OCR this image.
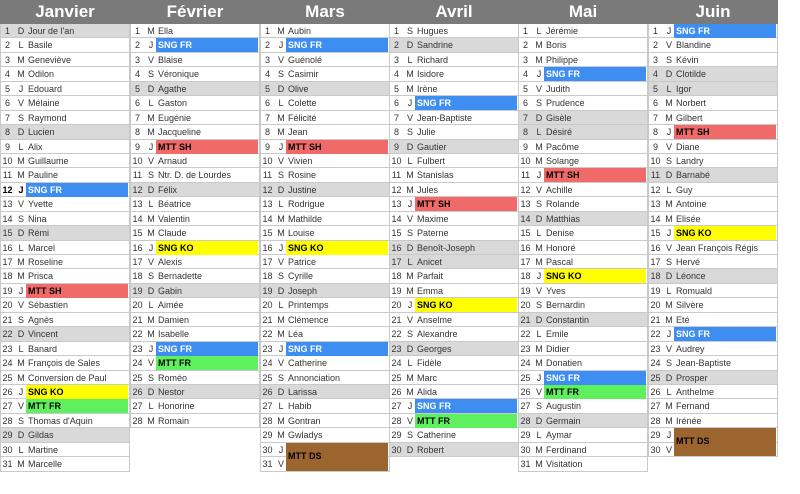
Janvier
1 D Jour de l'an
2 L Basile
3 M Geneviève
4 M Odilon
5 J Edouard
6 V Mélaine
7 S Raymond
8 D Lucien
9 L Alix
10 M Guillaume
11 M Pauline
12 J SNG FR
13 V Yvette
14 S Nina
15 D Rémi
16 L Marcel
17 M Roseline
18 M Prisca
19 J MTT SH
20 V Sébastien
21 S Agnès
22 D Vincent
23 L Banard
24 M François de Sales
25 M Conversion de Paul
26 J SNG KO
27 V MTT FR
28 S Thomas d'Aquin
29 D Gildas
30 L Martine
31 M Marcelle
Février
1 M Ella
2 J SNG FR
3 V Blaise
4 S Véronique
5 D Agathe
6 L Gaston
7 M Eugénie
8 M Jacqueline
9 J MTT SH
10 V Arnaud
11 S Ntr. D. de Lourdes
12 D Félix
13 L Béatrice
14 M Valentin
15 M Claude
16 J SNG KO
17 V Alexis
18 S Bernadette
19 D Gabin
20 L Aimée
21 M Damien
22 M Isabelle
23 J SNG FR
24 V MTT FR
25 S Roméo
26 D Nestor
27 L Honorine
28 M Romain
Mars
1 M Aubin
2 J SNG FR
3 V Guénolé
4 S Casimir
5 D Olive
6 L Colette
7 M Félicité
8 M Jean
9 J MTT SH
10 V Vivien
11 S Rosine
12 D Justine
13 L Rodrigue
14 M Mathilde
15 M Louise
16 J SNG KO
17 V Patrice
18 S Cyrille
19 D Joseph
20 L Printemps
21 M Clémence
22 M Léa
23 J SNG FR
24 V Catherine
25 S Annonciation
26 D Larissa
27 L Habib
28 M Gontran
29 M Gwladys
30 J
MTT DS
31 V
Avril
1 S Hugues
2 D Sandrine
3 L Richard
4 M Isidore
5 M Irène
6 J SNG FR
7 V Jean-Baptiste
8 S Julie
9 D Gautier
10 L Fulbert
11 M Stanislas
12 M Jules
13 J MTT SH
14 V Maxime
15 S Paterne
16 D Benoît-Joseph
17 L Anicet
18 M Parfait
19 M Emma
20 J SNG KO
21 V Anselme
22 S Alexandre
23 D Georges
24 L Fidèle
25 M Marc
26 M Alida
27 J SNG FR
28 V MTT FR
29 S Catherine
30 D Robert
Mai
1 L Jérémie
2 M Boris
3 M Philippe
4 J SNG FR
5 V Judith
6 S Prudence
7 D Gisèle
8 L Désiré
9 M Pacôme
10 M Solange
11 J MTT SH
12 V Achille
13 S Rolande
14 D Matthias
15 L Denise
16 M Honoré
17 M Pascal
18 J SNG KO
19 V Yves
20 S Bernardin
21 D Constantin
22 L Emile
23 M Didier
24 M Donatien
25 J SNG FR
26 V MTT FR
27 S Augustin
28 D Germain
29 L Aymar
30 M Ferdinand
31 M Visitation
Juin
1 J SNG FR
2 V Blandine
3 S Kévin
4 D Clotilde
5 L Igor
6 M Norbert
7 M Gilbert
8 J MTT SH
9 V Diane
10 S Landry
11 D Barnabé
12 L Guy
13 M Antoine
14 M Elisée
15 J SNG KO
16 V Jean François Régis
17 S Hervé
18 D Léonce
19 L Romuald
20 M Silvère
21 M Eté
22 J SNG FR
23 V Audrey
24 S Jean-Baptiste
25 D Prosper
26 L Anthelme
27 M Fernand
28 M Irénée
29 J
MTT DS
30 V
